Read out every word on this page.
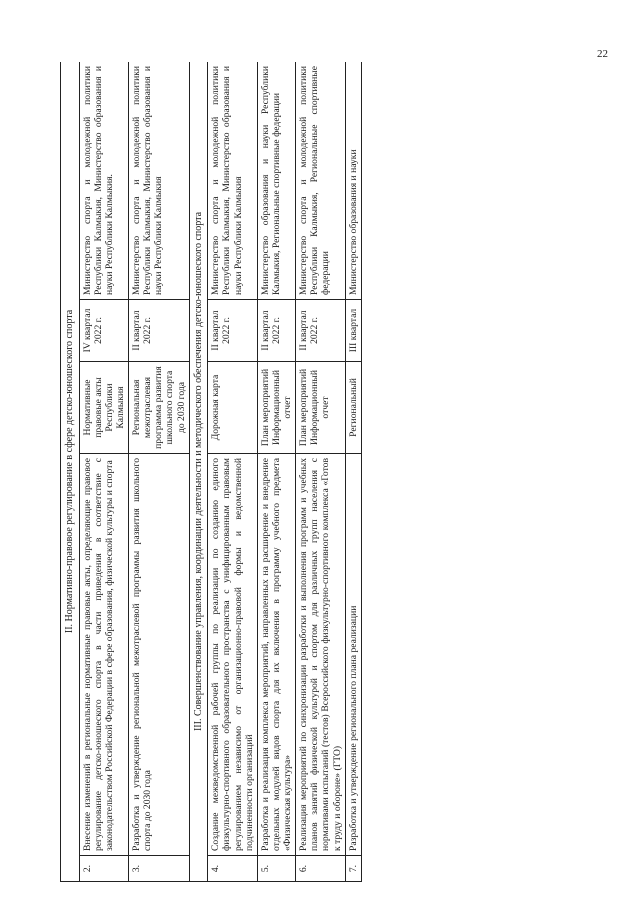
22
II. Нормативно-правовое регулирование в сфере детско-юношеского спорта				
2.	Внесение изменений в региональные нормативные правовые акты, определяющие правовое регулирование детско-юношеского спорта в части приведения в соответствие с законодательством Российской Федерации в сфере образования, физической культуры и спорта	Нормативные правовые акты Республики Калмыкия	IV квартал 2022 г.	Министерство спорта и молодежной политики Республики Калмыкия, Министерство образования и науки Республики Калмыкия.
3.	Разработка и утверждение региональной межотраслевой программы развития школьного спорта до 2030 года	Региональная межотраслевая программа развития школьного спорта до 2030 года	II квартал 2022 г.	Министерство спорта и молодежной политики Республики Калмыкия, Министерство образования и науки Республики Калмыкия
III. Совершенствование управления, координации деятельности и методического обеспечения детско-юношеского спорта				
4.	Создание межведомственной рабочей группы по реализации по созданию единого физкультурно-спортивного образовательного пространства с унифицированным правовым регулированием независимо от организационно-правовой формы и ведомственной подчиненности организаций	Дорожная карта	II квартал 2022 г.	Министерство спорта и молодежной политики Республики Калмыкия, Министерство образования и науки Республики Калмыкия
5.	Разработка и реализация комплекса мероприятий, направленных на расширение и внедрение отдельных модулей видов спорта для их включения в программу учебного предмета «Физическая культура»	План мероприятий Информационный отчет	II квартал 2022 г.	Министерство образования и науки Республики Калмыкия, Региональные спортивные федерации
6.	Реализация мероприятий по синхронизации разработки и выполнения программ и учебных планов занятий физической культурой и спортом для различных групп населения с нормативами испытаний (тестов) Всероссийского физкультурно-спортивного комплекса «Готов к труду и обороне» (ГТО)	План мероприятий Информационный отчет	II квартал 2022 г.	Министерство спорта и молодежной политики Республики Калмыкия, Региональные спортивные федерации
7.	Разработка и утверждение регионального плана реализации	Региональный	III квартал	Министерство образования и науки
